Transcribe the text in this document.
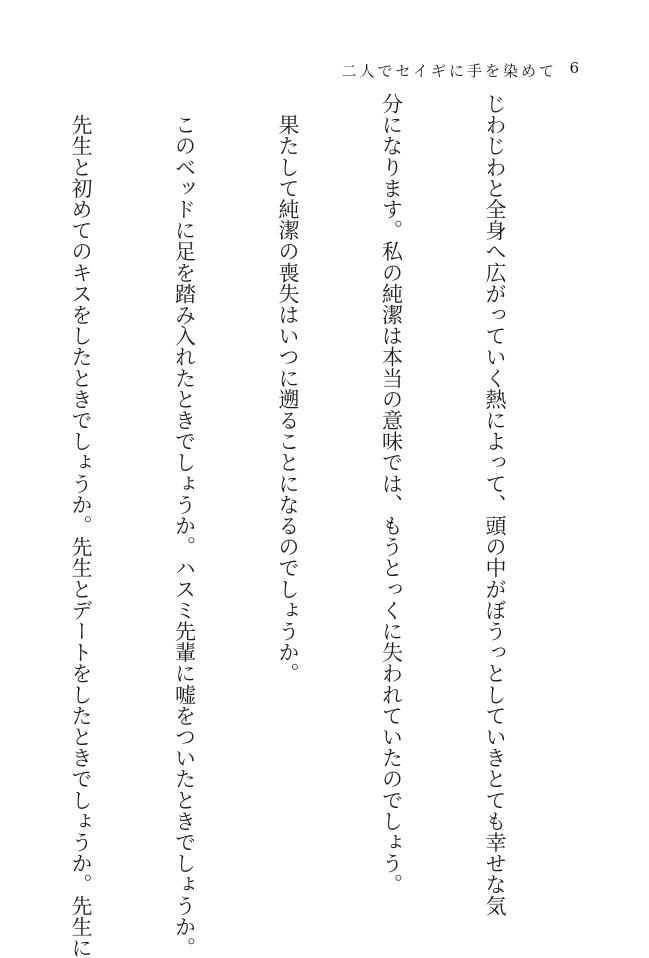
二人でセイギに手を染めて 6

じわじわと全身へ広がっていく熱によって、頭の中がぼうっとしていきとても幸せな気

分になります。私の純潔は本当の意味では、もうとっくに失われていたのでしょう。

　果たして純潔の喪失はいつに遡ることになるのでしょうか。

　このベッドに足を踏み入れたときでしょうか。ハスミ先輩に嘘をついたときでしょうか。

　先生と初めてのキスをしたときでしょうか。先生とデートをしたときでしょうか。先生に
